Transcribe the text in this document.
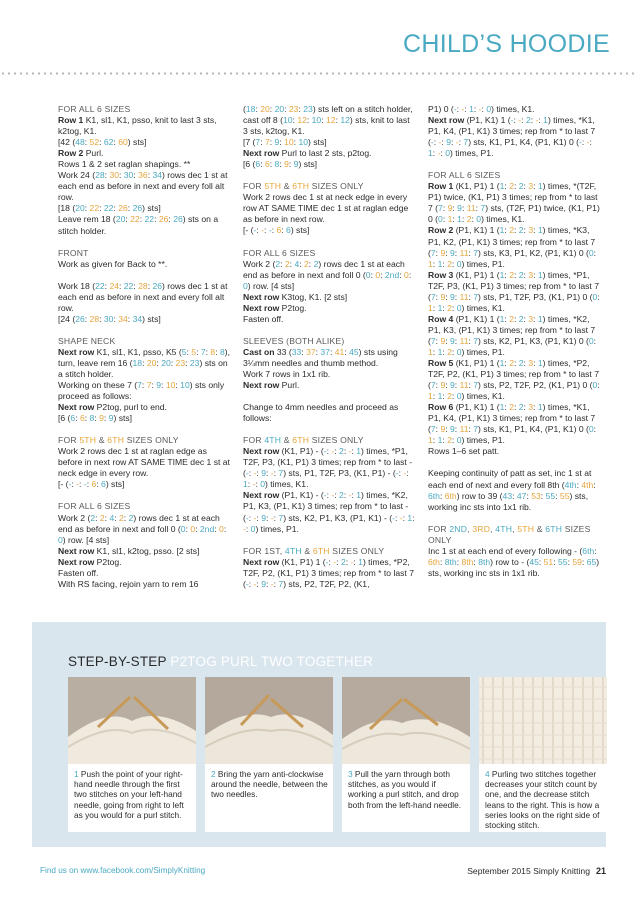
CHILD’S HOODIE

FOR ALL 6 SIZES

Row 1 K1, sl1, K1, psso, knit to last 3 sts, k2tog, K1.

[42 (48: 52: 62: 60) sts]

Row 2 Purl.

Rows 1 & 2 set raglan shapings. **

Work 24 (28: 30: 30: 36: 34) rows dec 1 st at each end as before in next and every foll alt row.

[18 (20: 22: 22: 26: 26) sts]

Leave rem 18 (20: 22: 22: 26: 26) sts on a stitch holder.

FRONT

Work as given for Back to **.

Work 18 (22: 24: 22: 28: 26) rows dec 1 st at each end as before in next and every foll alt row.

[24 (26: 28: 30: 34: 34) sts]

SHAPE NECK

Next row K1, sl1, K1, psso, K5 (5: 5: 7: 8: 8), turn, leave rem 16 (18: 20: 20: 23: 23) sts on a stitch holder.

Working on these 7 (7: 7: 9: 10: 10) sts only proceed as follows:

Next row P2tog, purl to end.

[6 (6: 6: 8: 9: 9) sts]

FOR 5TH & 6TH SIZES ONLY

Work 2 rows dec 1 st at raglan edge as before in next row AT SAME TIME dec 1 st at neck edge in every row.

[- (-: -: -: 6: 6) sts]

FOR ALL 6 SIZES

Work 2 (2: 2: 4: 2: 2) rows dec 1 st at each end as before in next and foll 0 (0: 0: 2nd: 0: 0) row. [4 sts]

Next row K1, sl1, k2tog, psso. [2 sts]

Next row P2tog.

Fasten off.

With RS facing, rejoin yarn to rem 16

(18: 20: 20: 23: 23) sts left on a stitch holder, cast off 8 (10: 12: 10: 12: 12) sts, knit to last 3 sts, k2tog, K1.

[7 (7: 7: 9: 10: 10) sts]

Next row Purl to last 2 sts, p2tog.

[6 (6: 6: 8: 9: 9) sts]

FOR 5TH & 6TH SIZES ONLY

Work 2 rows dec 1 st at neck edge in every row AT SAME TIME dec 1 st at raglan edge as before in next row.

[- (-: -: -: 6: 6) sts]

FOR ALL 6 SIZES

Work 2 (2: 2: 4: 2: 2) rows dec 1 st at each end as before in next and foll 0 (0: 0: 2nd: 0: 0) row. [4 sts]

Next row K3tog, K1. [2 sts]

Next row P2tog.

Fasten off.

SLEEVES (BOTH ALIKE)

Cast on 33 (33: 37: 37: 41: 45) sts using 3¼mm needles and thumb method.

Work 7 rows in 1x1 rib.

Next row Purl.

Change to 4mm needles and proceed as follows:

FOR 4TH & 6TH SIZES ONLY

Next row (K1, P1) - (-: -: 2: -: 1) times, *P1, T2F, P3, (K1, P1) 3 times; rep from * to last - (-: -: 9: -: 7) sts, P1, T2F, P3, (K1, P1) - (-: -: 1: -: 0) times, K1.

Next row (P1, K1) - (-: -: 2: -: 1) times, *K2, P1, K3, (P1, K1) 3 times; rep from * to last - (-: -: 9: -: 7) sts, K2, P1, K3, (P1, K1) - (-: -: 1: -: 0) times, P1.

FOR 1ST, 4TH & 6TH SIZES ONLY

Next row (K1, P1) 1 (-: -: 2: -: 1) times, *P2, T2F, P2, (K1, P1) 3 times; rep from * to last 7 (-: -: 9: -: 7) sts, P2, T2F, P2, (K1,

P1) 0 (-: -: 1: -: 0) times, K1.

Next row (P1, K1) 1 (-: -: 2: -: 1) times, *K1, P1, K4, (P1, K1) 3 times; rep from * to last 7 (-: -: 9: -: 7) sts, K1, P1, K4, (P1, K1) 0 (-: -: 1: -: 0) times, P1.

FOR ALL 6 SIZES

Row 1 (K1, P1) 1 (1: 2: 2: 3: 1) times, *(T2F, P1) twice, (K1, P1) 3 times; rep from * to last 7 (7: 9: 9: 11: 7) sts, (T2F, P1) twice, (K1, P1) 0 (0: 1: 1: 2: 0) times, K1.

Row 2 (P1, K1) 1 (1: 2: 2: 3: 1) times, *K3, P1, K2, (P1, K1) 3 times; rep from * to last 7 (7: 9: 9: 11: 7) sts, K3, P1, K2, (P1, K1) 0 (0: 1: 1: 2: 0) times, P1.

Row 3 (K1, P1) 1 (1: 2: 2: 3: 1) times, *P1, T2F, P3, (K1, P1) 3 times; rep from * to last 7 (7: 9: 9: 11: 7) sts, P1, T2F, P3, (K1, P1) 0 (0: 1: 1: 2: 0) times, K1.

Row 4 (P1, K1) 1 (1: 2: 2: 3: 1) times, *K2, P1, K3, (P1, K1) 3 times; rep from * to last 7 (7: 9: 9: 11: 7) sts, K2, P1, K3, (P1, K1) 0 (0: 1: 1: 2: 0) times, P1.

Row 5 (K1, P1) 1 (1: 2: 2: 3: 1) times, *P2, T2F, P2, (K1, P1) 3 times; rep from * to last 7 (7: 9: 9: 11: 7) sts, P2, T2F, P2, (K1, P1) 0 (0: 1: 1: 2: 0) times, K1.

Row 6 (P1, K1) 1 (1: 2: 2: 3: 1) times, *K1, P1, K4, (P1, K1) 3 times; rep from * to last 7 (7: 9: 9: 11: 7) sts, K1, P1, K4, (P1, K1) 0 (0: 1: 1: 2: 0) times, P1.

Rows 1–6 set patt.

Keeping continuity of patt as set, inc 1 st at each end of next and every foll 8th (4th: 4th: 6th: 6th) row to 39 (43: 47: 53: 55: 55) sts, working inc sts into 1x1 rib.

FOR 2ND, 3RD, 4TH, 5TH & 6TH SIZES ONLY

Inc 1 st at each end of every following - (6th: 6th: 8th: 8th: 8th) row to - (45: 51: 55: 59: 65) sts, working inc sts in 1x1 rib.

STEP-BY-STEP P2TOG PURL TWO TOGETHER

1 Push the point of your right-hand needle through the first two stitches on your left-hand needle, going from right to left as you would for a purl stitch.

2 Bring the yarn anti-clockwise around the needle, between the two needles.

3 Pull the yarn through both stitches, as you would if working a purl stitch, and drop both from the left-hand needle.

4 Purling two stitches together decreases your stitch count by one, and the decrease stitch leans to the right. This is how a series looks on the right side of stocking stitch.

Find us on www.facebook.com/SimplyKnitting	September 2015 Simply Knitting 21
